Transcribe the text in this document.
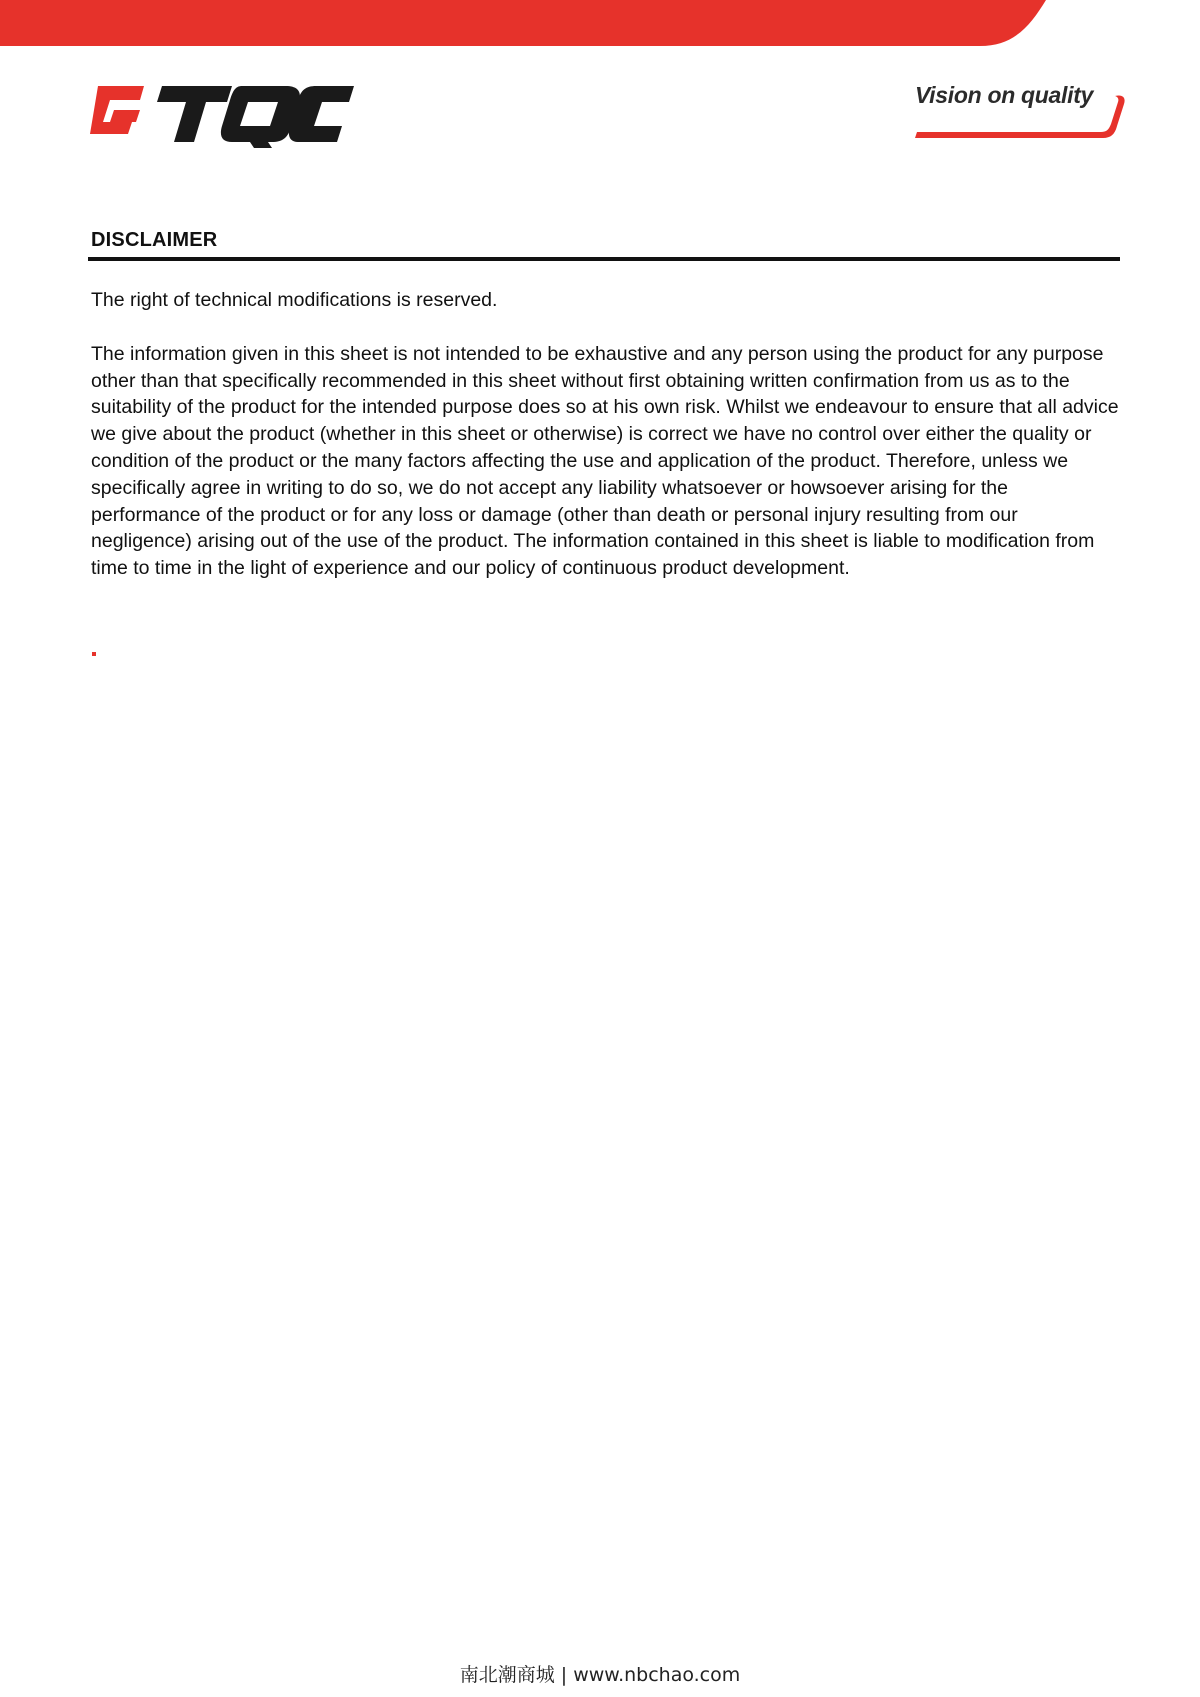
Vision on quality
DISCLAIMER

The right of technical modifications is reserved.

The information given in this sheet is not intended to be exhaustive and any person using the product for any purpose other than that specifically recommended in this sheet without first obtaining written confirmation from us as to the suitability of the product for the intended purpose does so at his own risk. Whilst we endeavour to ensure that all advice we give about the product (whether in this sheet or otherwise) is correct we have no control over either the quality or condition of the product or the many factors affecting the use and application of the product. Therefore, unless we specifically agree in writing to do so, we do not accept any liability whatsoever or howsoever arising for the performance of the product or for any loss or damage (other than death or personal injury resulting from our negligence) arising out of the use of the product. The information contained in this sheet is liable to modification from time to time in the light of experience and our policy of continuous product development.

南北潮商城 | www.nbchao.com
